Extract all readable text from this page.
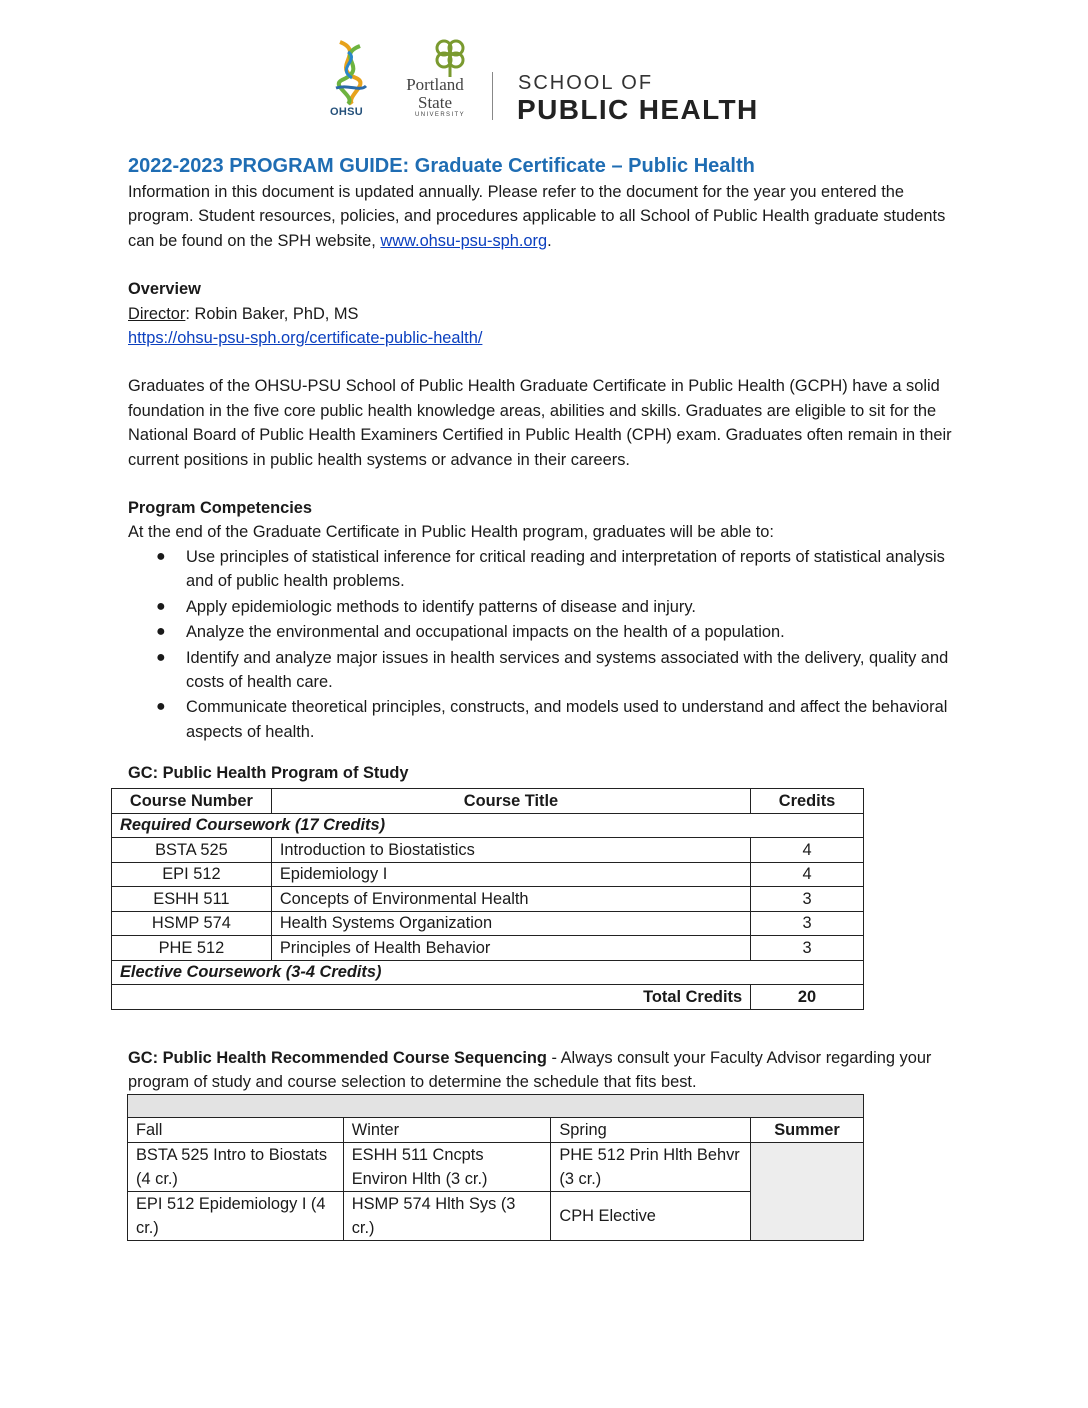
OHSU
Portland
State
UNIVERSITY
SCHOOL OF
PUBLIC HEALTH
2022-2023 PROGRAM GUIDE: Graduate Certificate – Public Health

Information in this document is updated annually. Please refer to the document for the year you entered the program. Student resources, policies, and procedures applicable to all School of Public Health graduate students can be found on the SPH website, www.ohsu-psu-sph.org.

Overview

Director: Robin Baker, PhD, MS

https://ohsu-psu-sph.org/certificate-public-health/

Graduates of the OHSU-PSU School of Public Health Graduate Certificate in Public Health (GCPH) have a solid foundation in the five core public health knowledge areas, abilities and skills. Graduates are eligible to sit for the National Board of Public Health Examiners Certified in Public Health (CPH) exam. Graduates often remain in their current positions in public health systems or advance in their careers.

Program Competencies

At the end of the Graduate Certificate in Public Health program, graduates will be able to:

● Use principles of statistical inference for critical reading and interpretation of reports of statistical analysis and of public health problems.
● Apply epidemiologic methods to identify patterns of disease and injury.
● Analyze the environmental and occupational impacts on the health of a population.
● Identify and analyze major issues in health services and systems associated with the delivery, quality and costs of health care.
● Communicate theoretical principles, constructs, and models used to understand and affect the behavioral aspects of health.
GC: Public Health Program of Study
Course Number	Course Title	Credits
Required Coursework (17 Credits)		
BSTA 525	Introduction to Biostatistics	4
EPI 512	Epidemiology I	4
ESHH 511	Concepts of Environmental Health	3
HSMP 574	Health Systems Organization	3
PHE 512	Principles of Health Behavior	3
Elective Coursework (3-4 Credits)		
Total Credits		20
GC: Public Health Recommended Course Sequencing - Always consult your Faculty Advisor regarding your program of study and course selection to determine the schedule that fits best.

Fall	Winter	Spring	Summer
BSTA 525 Intro to Biostats (4 cr.)	ESHH 511 Cncpts Environ Hlth (3 cr.)	PHE 512 Prin Hlth Behvr (3 cr.)	
EPI 512 Epidemiology I (4 cr.)	HSMP 574 Hlth Sys (3 cr.)	CPH Elective	
